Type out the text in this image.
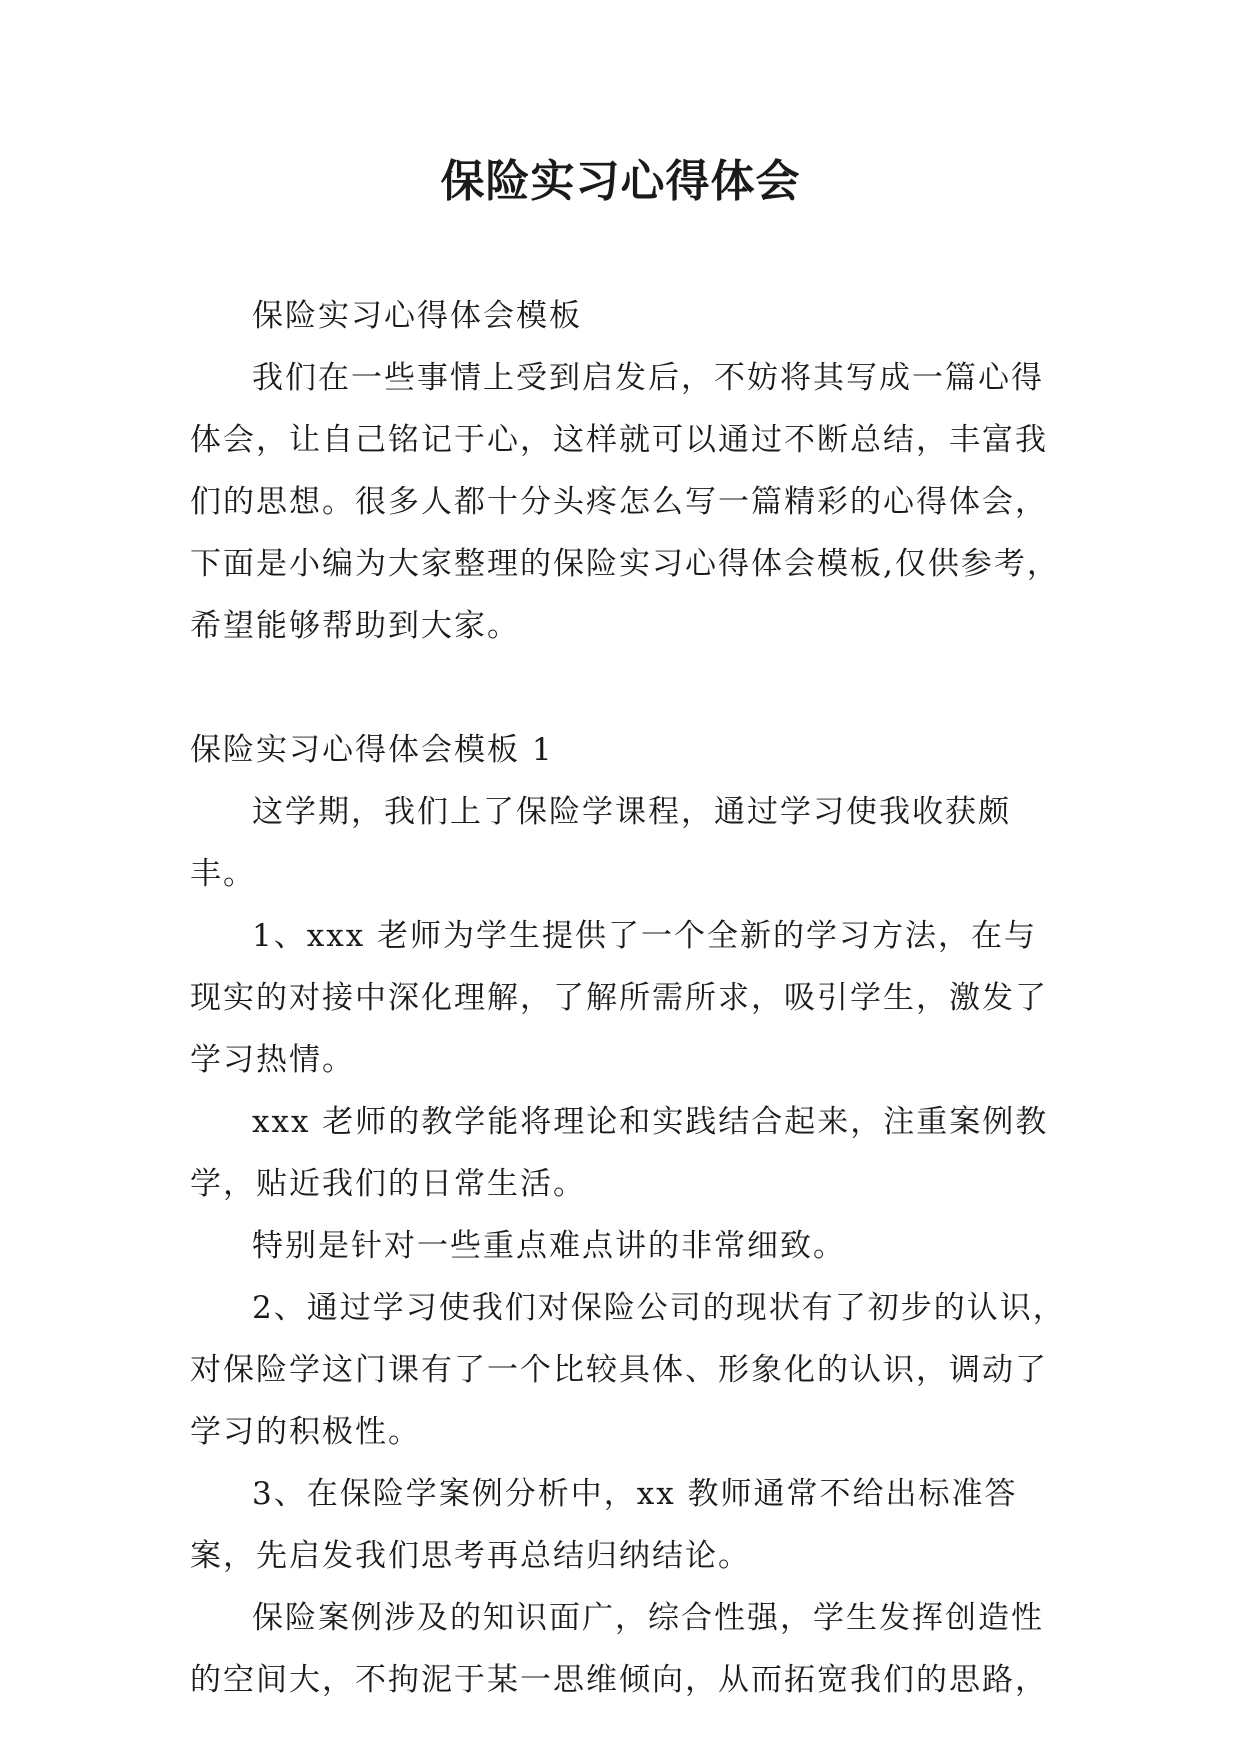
保险实习心得体会

保险实习心得体会模板

我们在一些事情上受到启发后，不妨将其写成一篇心得体会，让自己铭记于心，这样就可以通过不断总结，丰富我们的思想。很多人都十分头疼怎么写一篇精彩的心得体会，下面是小编为大家整理的保险实习心得体会模板,仅供参考，希望能够帮助到大家。

保险实习心得体会模板 1

这学期，我们上了保险学课程，通过学习使我收获颇丰。

1、xxx 老师为学生提供了一个全新的学习方法，在与现实的对接中深化理解，了解所需所求，吸引学生，激发了学习热情。

xxx 老师的教学能将理论和实践结合起来，注重案例教学，贴近我们的日常生活。

特别是针对一些重点难点讲的非常细致。

2、通过学习使我们对保险公司的现状有了初步的认识，对保险学这门课有了一个比较具体、形象化的认识，调动了学习的积极性。

3、在保险学案例分析中，xx 教师通常不给出标准答案，先启发我们思考再总结归纳结论。

保险案例涉及的知识面广，综合性强，学生发挥创造性的空间大，不拘泥于某一思维倾向，从而拓宽我们的思路，
